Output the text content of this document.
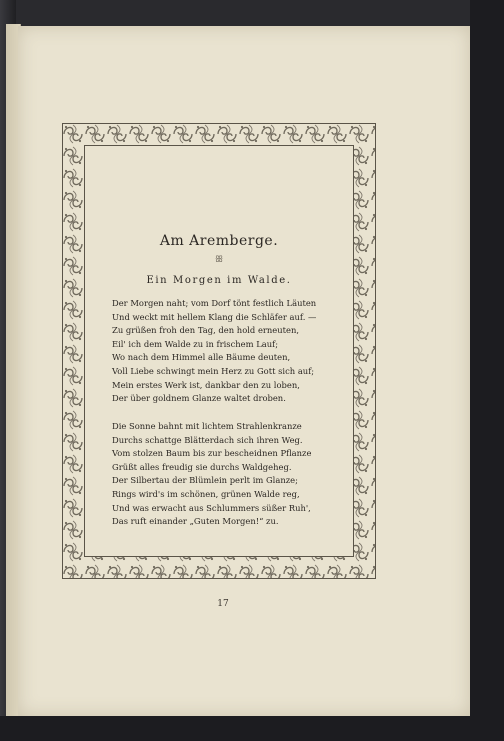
Am Aremberge.
ꕥ
Ein Morgen im Walde.
Der Morgen naht; vom Dorf tönt festlich Läuten
Und weckt mit hellem Klang die Schläfer auf. —
Zu grüßen froh den Tag, den hold erneuten,
Eil' ich dem Walde zu in frischem Lauf;
Wo nach dem Himmel alle Bäume deuten,
Voll Liebe schwingt mein Herz zu Gott sich auf;
Mein erstes Werk ist, dankbar den zu loben,
Der über goldnem Glanze waltet droben.
Die Sonne bahnt mit lichtem Strahlenkranze
Durchs schattge Blätterdach sich ihren Weg.
Vom stolzen Baum bis zur bescheidnen Pflanze
Grüßt alles freudig sie durchs Waldgeheg.
Der Silbertau der Blümlein perlt im Glanze;
Rings wird's im schönen, grünen Walde reg,
Und was erwacht aus Schlummers süßer Ruh',
Das ruft einander „Guten Morgen!“ zu.
17
